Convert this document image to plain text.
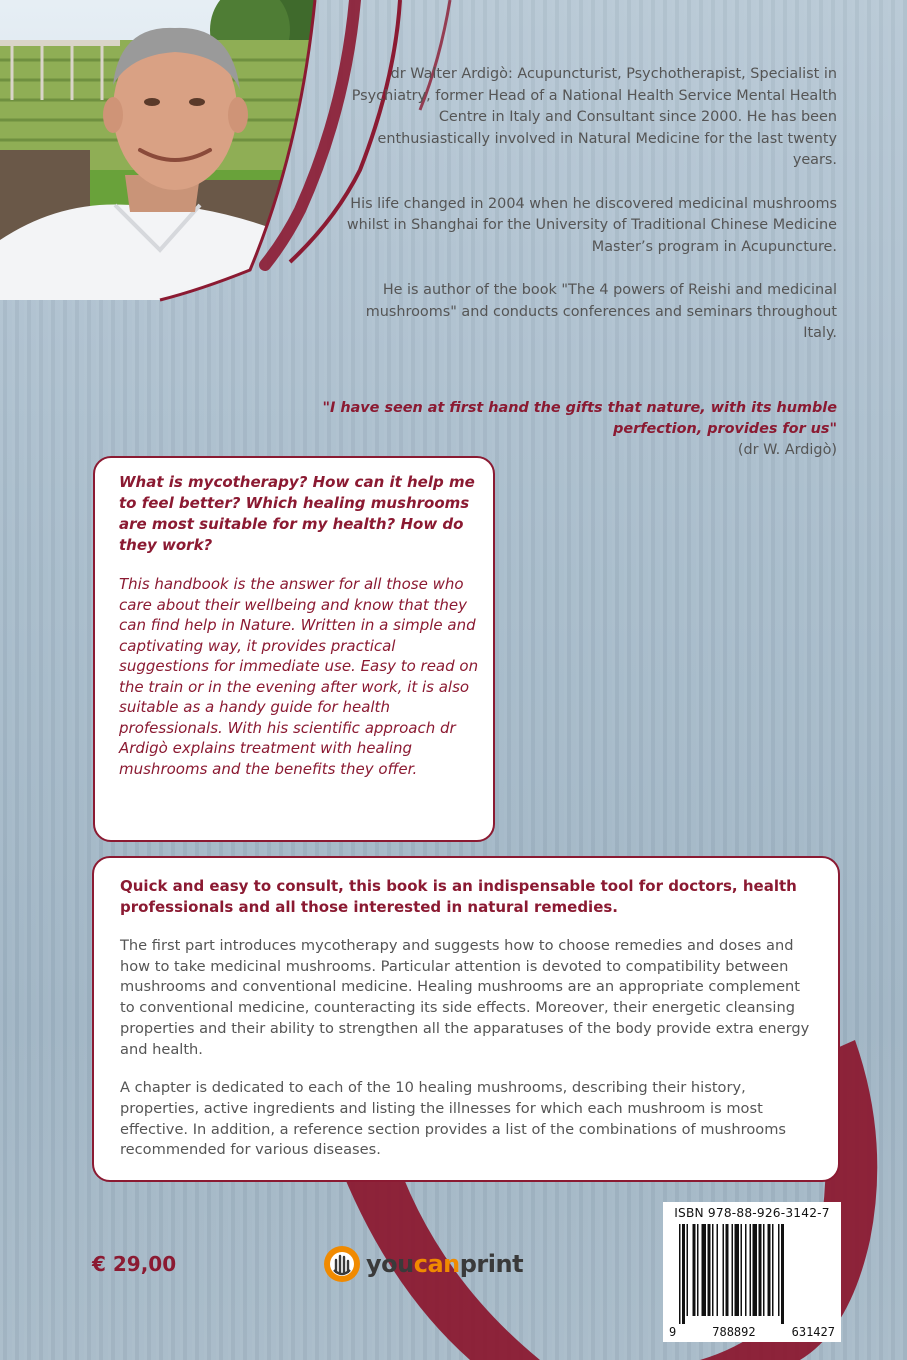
dr Walter Ardigò: Acupuncturist, Psychotherapist, Specialist in Psychiatry, former Head of a National Health Service Mental Health Centre in Italy and Consultant since 2000. He has been enthusiastically involved in Natural Medicine for the last twenty years.

His life changed in 2004 when he discovered medicinal mushrooms whilst in Shanghai for the University of Traditional Chinese Medicine Master’s program in Acupuncture.

He is author of the book "The 4 powers of Reishi and medicinal mushrooms" and conducts conferences and seminars throughout Italy.

"I have seen at first hand the gifts that nature, with its humble perfection, provides for us"
(dr W. Ardigò)

What is mycotherapy? How can it help me to feel better? Which healing mushrooms are most suitable for my health? How do they work?

This handbook is the answer for all those who care about their wellbeing and know that they can find help in Nature. Written in a simple and captivating way, it provides practical suggestions for immediate use. Easy to read on the train or in the evening after work, it is also suitable as a handy guide for health professionals. With his scientific approach dr Ardigò explains treatment with healing mushrooms and the benefits they offer.

Quick and easy to consult, this book is an indispensable tool for doctors, health professionals and all those interested in natural remedies.

The first part introduces mycotherapy and suggests how to choose remedies and doses and how to take medicinal mushrooms. Particular attention is devoted to compatibility between mushrooms and conventional medicine. Healing mushrooms are an appropriate complement to conventional medicine, counteracting its side effects. Moreover, their energetic cleansing properties and their ability to strengthen all the apparatuses of the body provide extra energy and health.

A chapter is dedicated to each of the 10 healing mushrooms, describing their history, properties, active ingredients and listing the illnesses for which each mushroom is most effective. In addition, a reference section provides a list of the combinations of mushrooms recommended for various diseases.

€ 29,00	youcanprint
ISBN 978-88-926-3142-7
9	788892	631427
